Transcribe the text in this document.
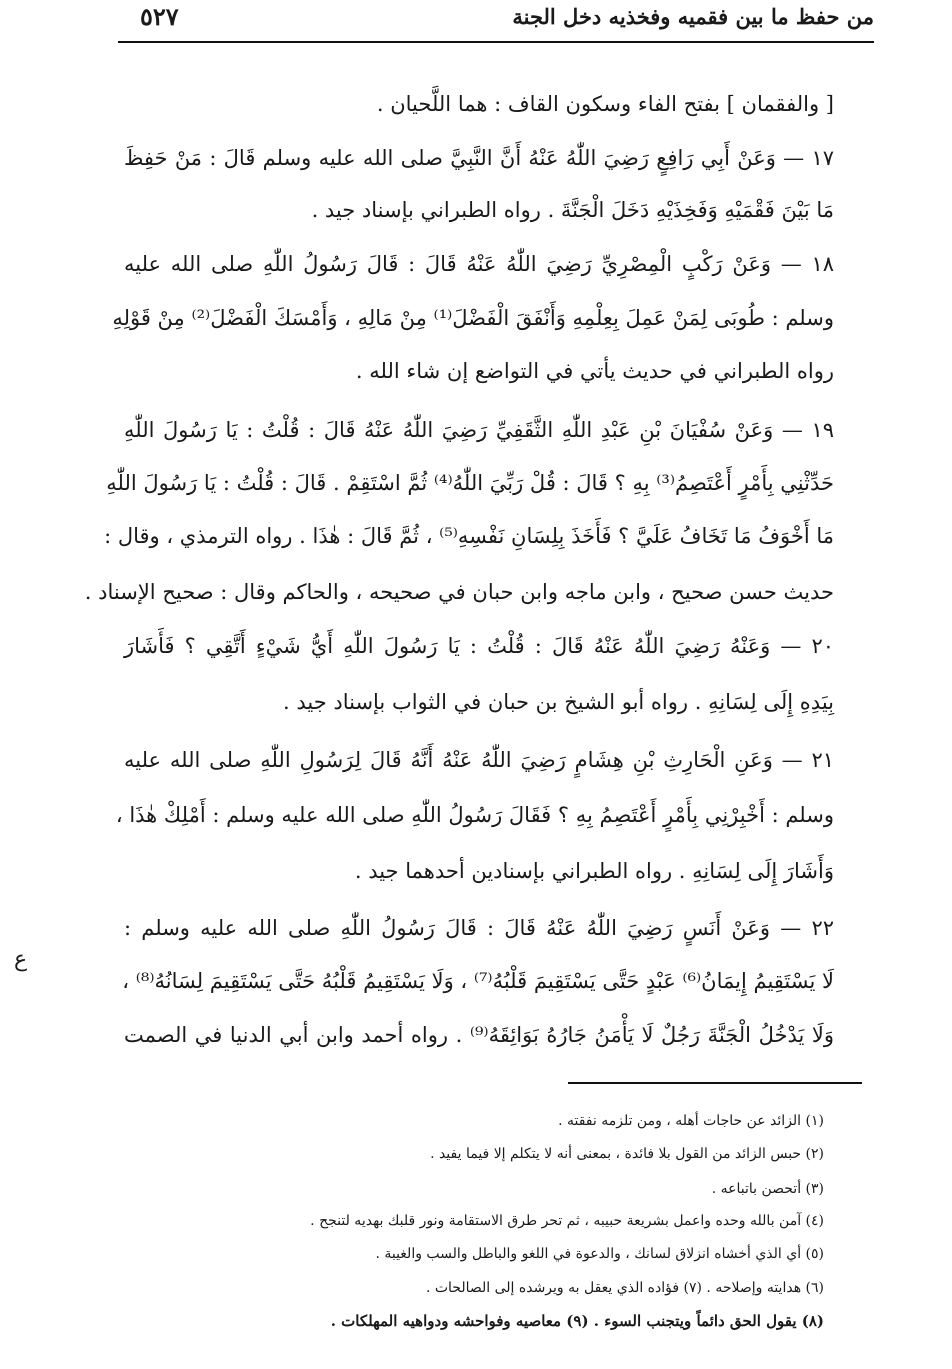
من حفظ ما بين فقميه وفخذيه دخل الجنة
٥٢٧
[ والفقمان ] بفتح الفاء وسكون القاف : هما اللَّحيان .
١٧ — وَعَنْ أَبِي رَافِعٍ رَضِيَ اللّٰهُ عَنْهُ أَنَّ النَّبِيَّ صلى الله عليه وسلم قَالَ : مَنْ حَفِظَ
مَا بَيْنَ فَقْمَيْهِ وَفَخِذَيْهِ دَخَلَ الْجَنَّةَ . رواه الطبراني بإسناد جيد .
١٨ — وَعَنْ رَكْبٍ الْمِصْرِيِّ رَضِيَ اللّٰهُ عَنْهُ قَالَ : قَالَ رَسُولُ اللّٰهِ صلى الله عليه
وسلم : طُوبَى لِمَنْ عَمِلَ بِعِلْمِهِ وَأَنْفَقَ الْفَضْلَ⁽¹⁾ مِنْ مَالِهِ ، وَأَمْسَكَ الْفَضْلَ⁽²⁾ مِنْ قَوْلِهِ
رواه الطبراني في حديث يأتي في التواضع إن شاء الله .
١٩ — وَعَنْ سُفْيَانَ بْنِ عَبْدِ اللّٰهِ الثَّقَفِيِّ رَضِيَ اللّٰهُ عَنْهُ قَالَ : قُلْتُ : يَا رَسُولَ اللّٰهِ
حَدِّثْنِي بِأَمْرٍ أَعْتَصِمُ⁽³⁾ بِهِ ؟ قَالَ : قُلْ رَبِّيَ اللّٰهُ⁽⁴⁾ ثُمَّ اسْتَقِمْ . قَالَ : قُلْتُ : يَا رَسُولَ اللّٰهِ
مَا أَخْوَفُ مَا تَخَافُ عَلَيَّ ؟ فَأَخَذَ بِلِسَانِ نَفْسِهِ⁽⁵⁾ ، ثُمَّ قَالَ : هٰذَا . رواه الترمذي ، وقال :
حديث حسن صحيح ، وابن ماجه وابن حبان في صحيحه ، والحاكم وقال : صحيح الإسناد .
٢٠ — وَعَنْهُ رَضِيَ اللّٰهُ عَنْهُ قَالَ : قُلْتُ : يَا رَسُولَ اللّٰهِ أَيُّ شَيْءٍ أَتَّقِي ؟ فَأَشَارَ
بِيَدِهِ إِلَى لِسَانِهِ . رواه أبو الشيخ بن حبان في الثواب بإسناد جيد .
٢١ — وَعَنِ الْحَارِثِ بْنِ هِشَامٍ رَضِيَ اللّٰهُ عَنْهُ أَنَّهُ قَالَ لِرَسُولِ اللّٰهِ صلى الله عليه
وسلم : أَخْبِرْنِي بِأَمْرٍ أَعْتَصِمُ بِهِ ؟ فَقَالَ رَسُولُ اللّٰهِ صلى الله عليه وسلم : أَمْلِكْ هٰذَا ،
وَأَشَارَ إِلَى لِسَانِهِ . رواه الطبراني بإسنادين أحدهما جيد .
٢٢ — وَعَنْ أَنَسٍ رَضِيَ اللّٰهُ عَنْهُ قَالَ : قَالَ رَسُولُ اللّٰهِ صلى الله عليه وسلم :
لَا يَسْتَقِيمُ إِيمَانُ⁽⁶⁾ عَبْدٍ حَتَّى يَسْتَقِيمَ قَلْبُهُ⁽⁷⁾ ، وَلَا يَسْتَقِيمُ قَلْبُهُ حَتَّى يَسْتَقِيمَ لِسَانُهُ⁽⁸⁾ ،
وَلَا يَدْخُلُ الْجَنَّةَ رَجُلٌ لَا يَأْمَنُ جَارُهُ بَوَائِقَهُ⁽⁹⁾ . رواه أحمد وابن أبي الدنيا في الصمت
ع
(١) الزائد عن حاجات أهله ، ومن تلزمه نفقته .
(٢) حبس الزائد من القول بلا فائدة ، بمعنى أنه لا يتكلم إلا فيما يفيد .
(٣) أتحصن باتباعه .
(٤) آمن بالله وحده واعمل بشريعة حبيبه ، ثم تحر طرق الاستقامة ونور قلبك بهديه لتنجح .
(٥) أي الذي أخشاه انزلاق لسانك ، والدعوة في اللغو والباطل والسب والغيبة .
(٦) هدايته وإصلاحه . (٧) فؤاده الذي يعقل به ويرشده إلى الصالحات .
(٨) يقول الحق دائماً ويتجنب السوء . (٩) معاصيه وفواحشه ودواهيه المهلكات .
